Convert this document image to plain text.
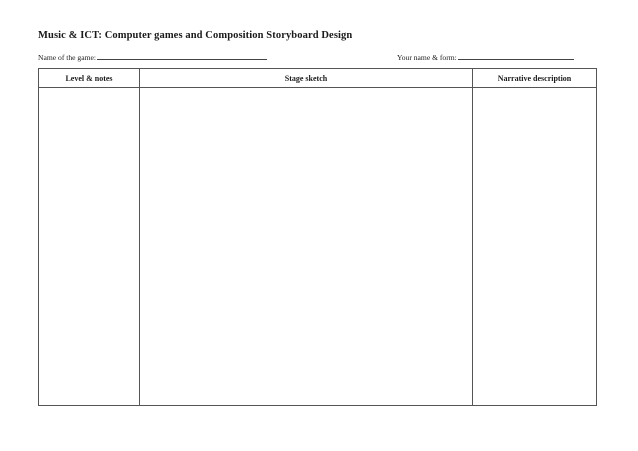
Music & ICT: Computer games and Composition Storyboard Design
Name of the game:	Your name & form:
Level & notes	Stage sketch	Narrative description
